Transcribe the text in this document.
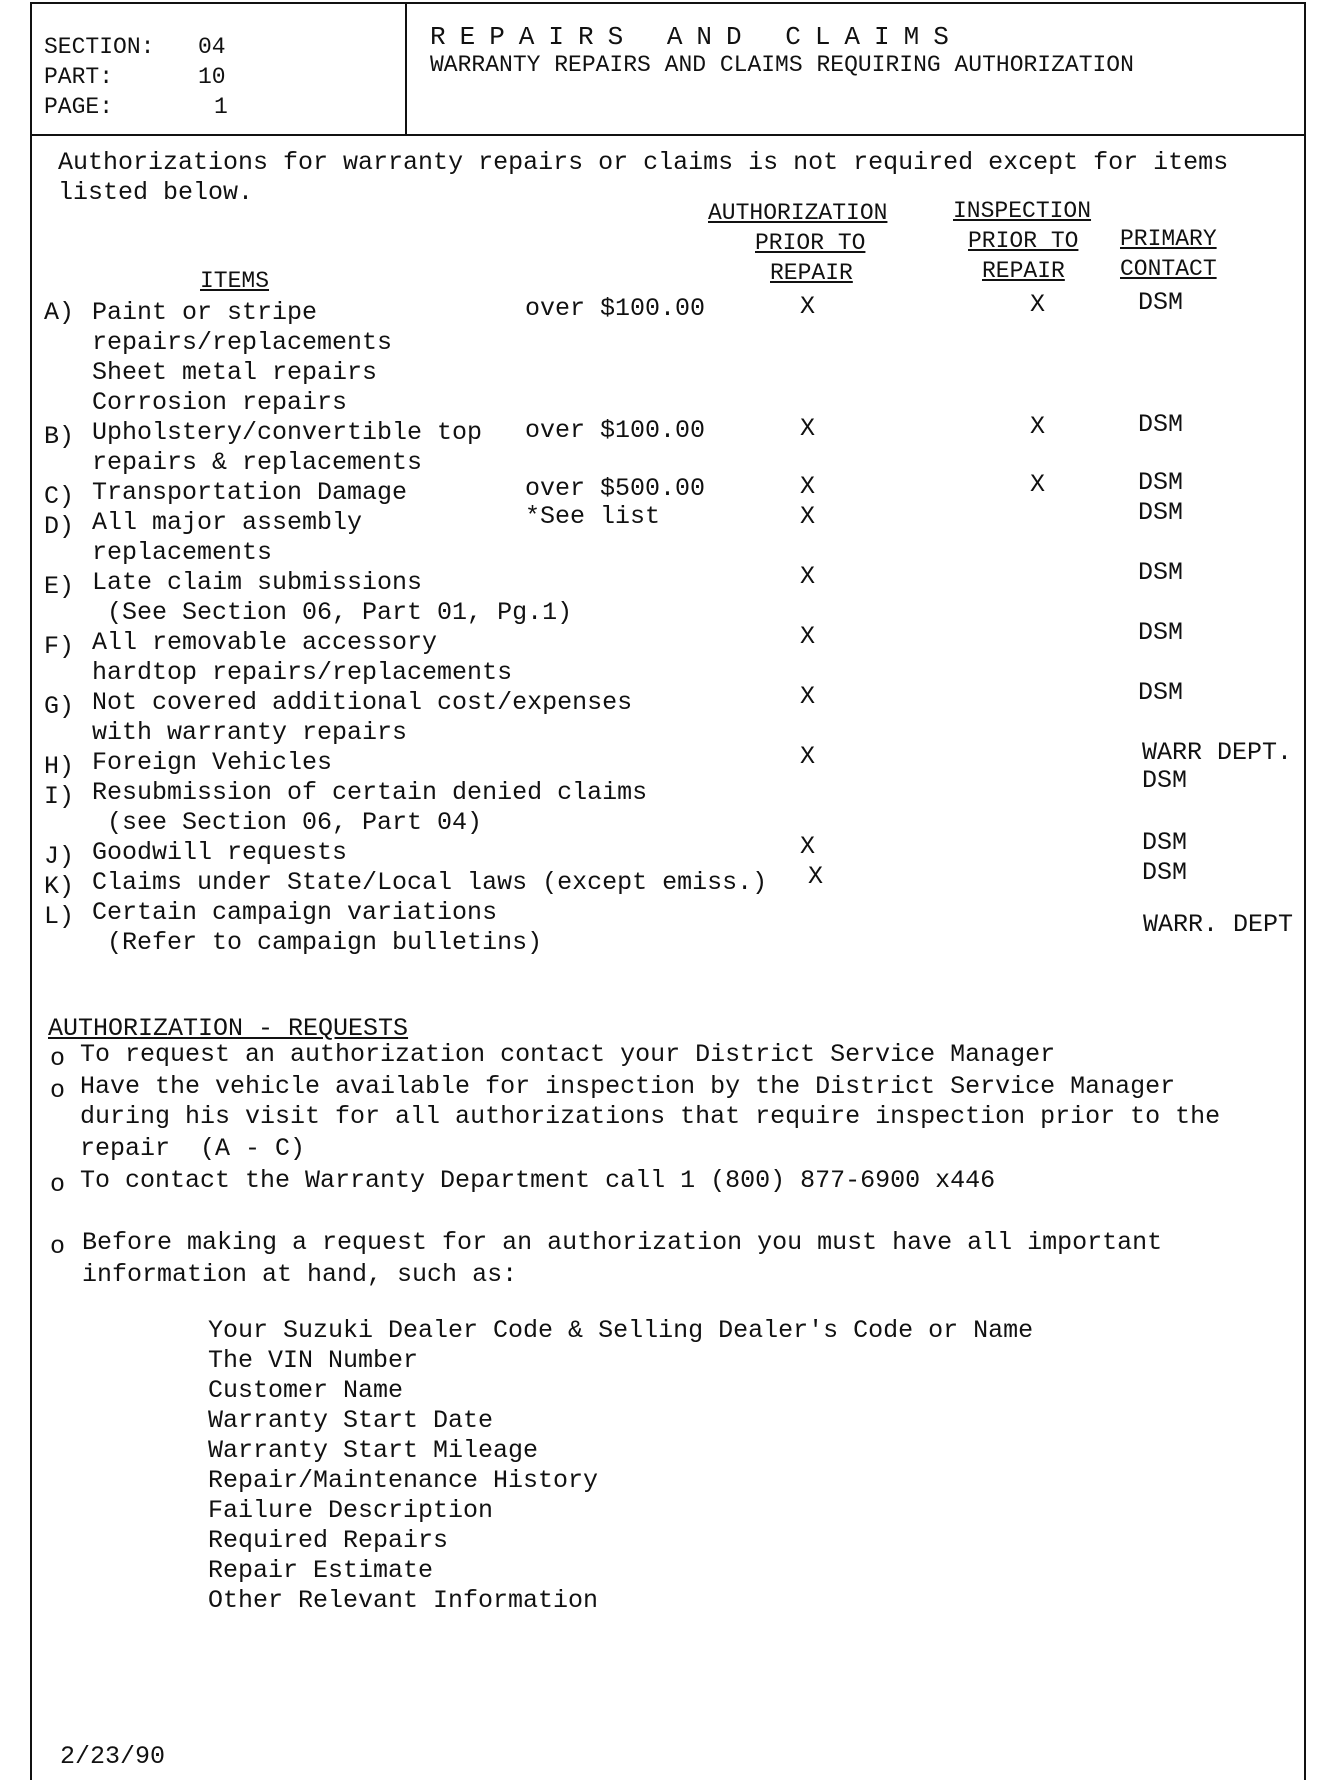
SECTION: 04
PART:	10
PAGE:	1
REPAIRS AND CLAIMS
WARRANTY REPAIRS AND CLAIMS REQUIRING AUTHORIZATION
Authorizations for warranty repairs or claims is not required except for items
listed below.
AUTHORIZATION
PRIOR TO
REPAIR
INSPECTION
PRIOR TO
REPAIR
PRIMARY
CONTACT
ITEMS
A) Paint or stripe
repairs/replacements
Sheet metal repairs
Corrosion repairs
over $100.00	X	X	DSM
B) Upholstery/convertible top
repairs & replacements
over $100.00	X	X	DSM
C) Transportation Damage	over $500.00	X	X	DSM
D) All major assembly
replacements
*See list	X	DSM
E) Late claim submissions
(See Section 06, Part 01, Pg.1)
X	DSM
F) All removable accessory
hardtop repairs/replacements
X	DSM
G) Not covered additional cost/expenses
with warranty repairs
X	DSM
H) Foreign Vehicles	X	WARR DEPT.
I) Resubmission of certain denied claims
(see Section 06, Part 04)
DSM
J) Goodwill requests	X	DSM
K) Claims under State/Local laws (except emiss.) X	DSM
L) Certain campaign variations
(Refer to campaign bulletins)
WARR. DEPT
AUTHORIZATION - REQUESTS
o To request an authorization contact your District Service Manager
o Have the vehicle available for inspection by the District Service Manager
during his visit for all authorizations that require inspection prior to the
repair  (A - C)
o To contact the Warranty Department call 1 (800) 877-6900 x446
o Before making a request for an authorization you must have all important
information at hand, such as:
Your Suzuki Dealer Code & Selling Dealer's Code or Name
The VIN Number
Customer Name
Warranty Start Date
Warranty Start Mileage
Repair/Maintenance History
Failure Description
Required Repairs
Repair Estimate
Other Relevant Information
2/23/90
